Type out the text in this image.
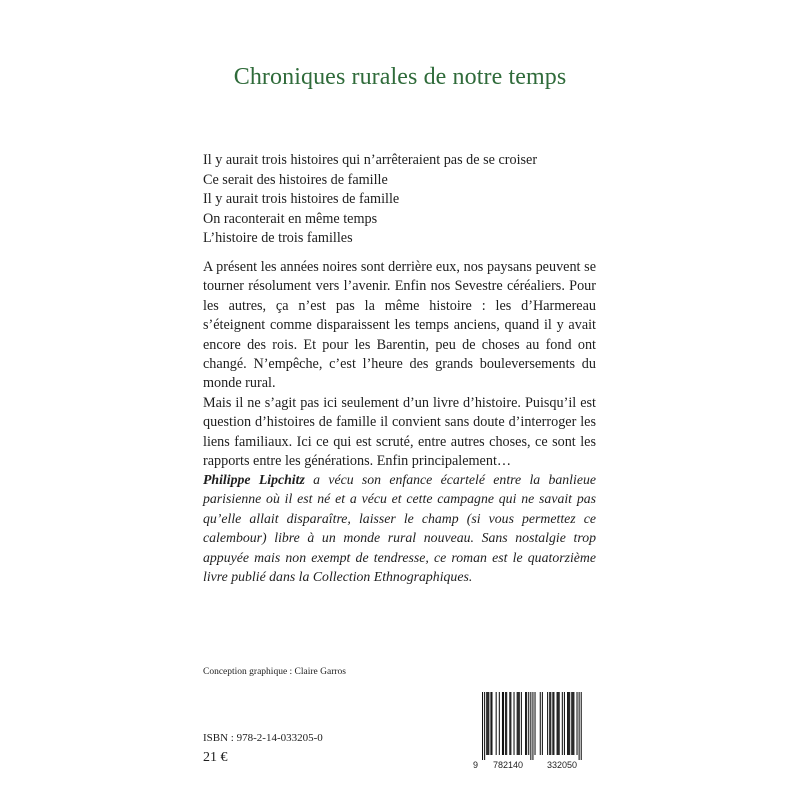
Chroniques rurales de notre temps
Il y aurait trois histoires qui n’arrêteraient pas de se croiser
Ce serait des histoires de famille
Il y aurait trois histoires de famille
On raconterait en même temps
L’histoire de trois familles

A présent les années noires sont derrière eux, nos paysans peuvent se tourner résolument vers l’avenir. Enfin nos Sevestre céréaliers. Pour les autres, ça n’est pas la même histoire : les d’Harmereau s’éteignent comme disparaissent les temps anciens, quand il y avait encore des rois. Et pour les Barentin, peu de choses au fond ont changé. N’empêche, c’est l’heure des grands bouleversements du monde rural.

Mais il ne s’agit pas ici seulement d’un livre d’histoire. Puisqu’il est question d’histoires de famille il convient sans doute d’interroger les liens familiaux. Ici ce qui est scruté, entre autres choses, ce sont les rapports entre les générations. Enfin principalement…

Philippe Lipchitz a vécu son enfance écartelé entre la banlieue parisienne où il est né et a vécu et cette campagne qui ne savait pas qu’elle allait disparaître, laisser le champ (si vous permettez ce calembour) libre à un monde rural nouveau. Sans nostalgie trop appuyée mais non exempt de tendresse, ce roman est le quatorzième livre publié dans la Collection Ethnographiques.
Conception graphique : Claire Garros
ISBN : 978-2-14-033205-0
21 €	9 782140	332050
